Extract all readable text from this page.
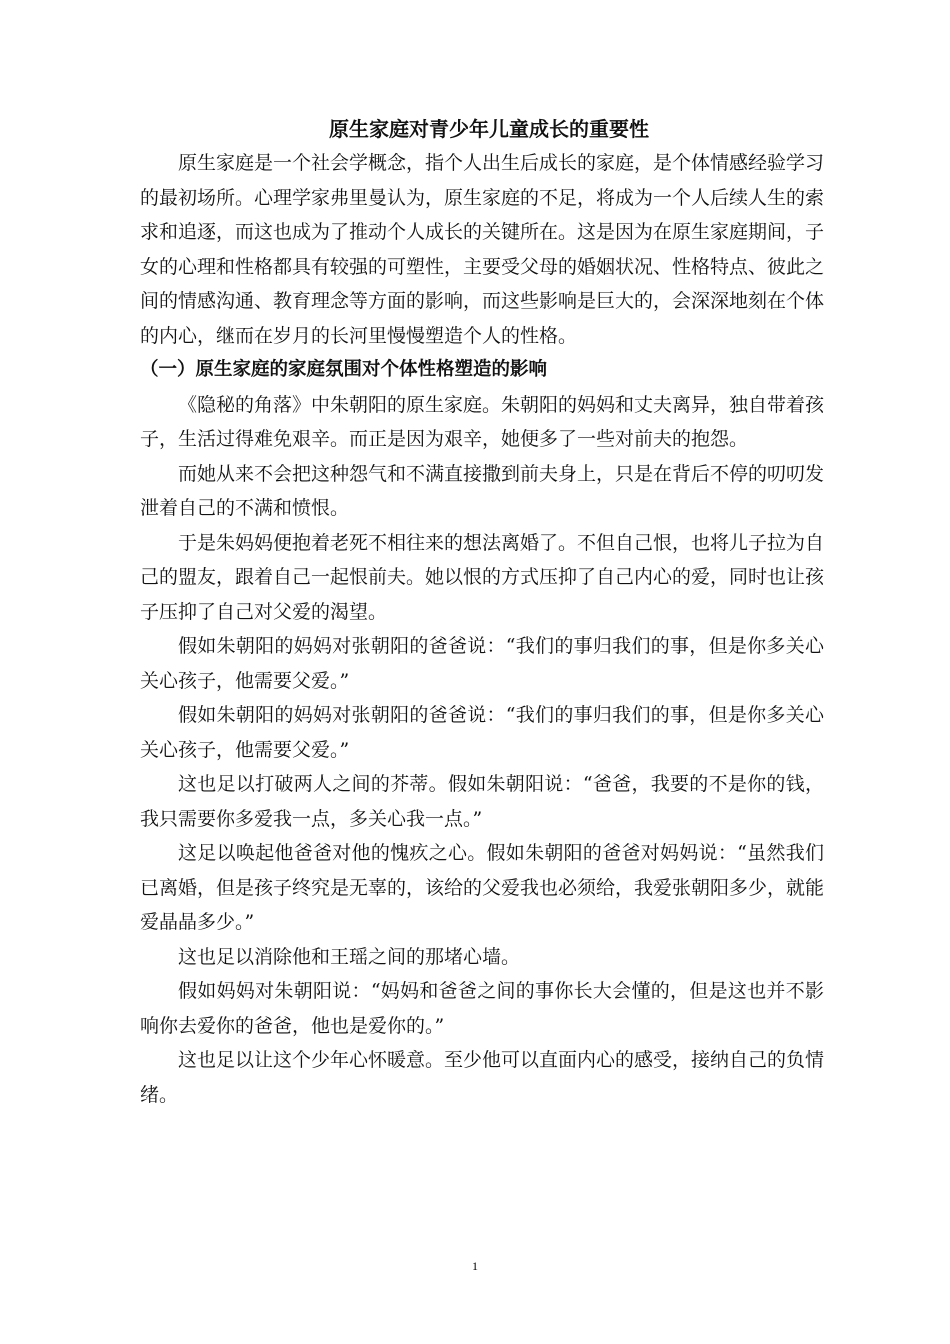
原生家庭对青少年儿童成长的重要性

原生家庭是一个社会学概念，指个人出生后成长的家庭，是个体情感经验学习的最初场所。心理学家弗里曼认为，原生家庭的不足，将成为一个人后续人生的索求和追逐，而这也成为了推动个人成长的关键所在。这是因为在原生家庭期间，子女的心理和性格都具有较强的可塑性，主要受父母的婚姻状况、性格特点、彼此之间的情感沟通、教育理念等方面的影响，而这些影响是巨大的，会深深地刻在个体的内心，继而在岁月的长河里慢慢塑造个人的性格。

（一）原生家庭的家庭氛围对个体性格塑造的影响

《隐秘的角落》中朱朝阳的原生家庭。朱朝阳的妈妈和丈夫离异，独自带着孩子，生活过得难免艰辛。而正是因为艰辛，她便多了一些对前夫的抱怨。

而她从来不会把这种怨气和不满直接撒到前夫身上，只是在背后不停的叨叨发泄着自己的不满和愤恨。

于是朱妈妈便抱着老死不相往来的想法离婚了。不但自己恨，也将儿子拉为自己的盟友，跟着自己一起恨前夫。她以恨的方式压抑了自己内心的爱，同时也让孩子压抑了自己对父爱的渴望。

假如朱朝阳的妈妈对张朝阳的爸爸说：“我们的事归我们的事，但是你多关心关心孩子，他需要父爱。”

假如朱朝阳的妈妈对张朝阳的爸爸说：“我们的事归我们的事，但是你多关心关心孩子，他需要父爱。”

这也足以打破两人之间的芥蒂。假如朱朝阳说：“爸爸，我要的不是你的钱，我只需要你多爱我一点，多关心我一点。”

这足以唤起他爸爸对他的愧疚之心。假如朱朝阳的爸爸对妈妈说：“虽然我们已离婚，但是孩子终究是无辜的，该给的父爱我也必须给，我爱张朝阳多少，就能爱晶晶多少。”

这也足以消除他和王瑶之间的那堵心墙。

假如妈妈对朱朝阳说：“妈妈和爸爸之间的事你长大会懂的，但是这也并不影响你去爱你的爸爸，他也是爱你的。”

这也足以让这个少年心怀暖意。至少他可以直面内心的感受，接纳自己的负情绪。

1
